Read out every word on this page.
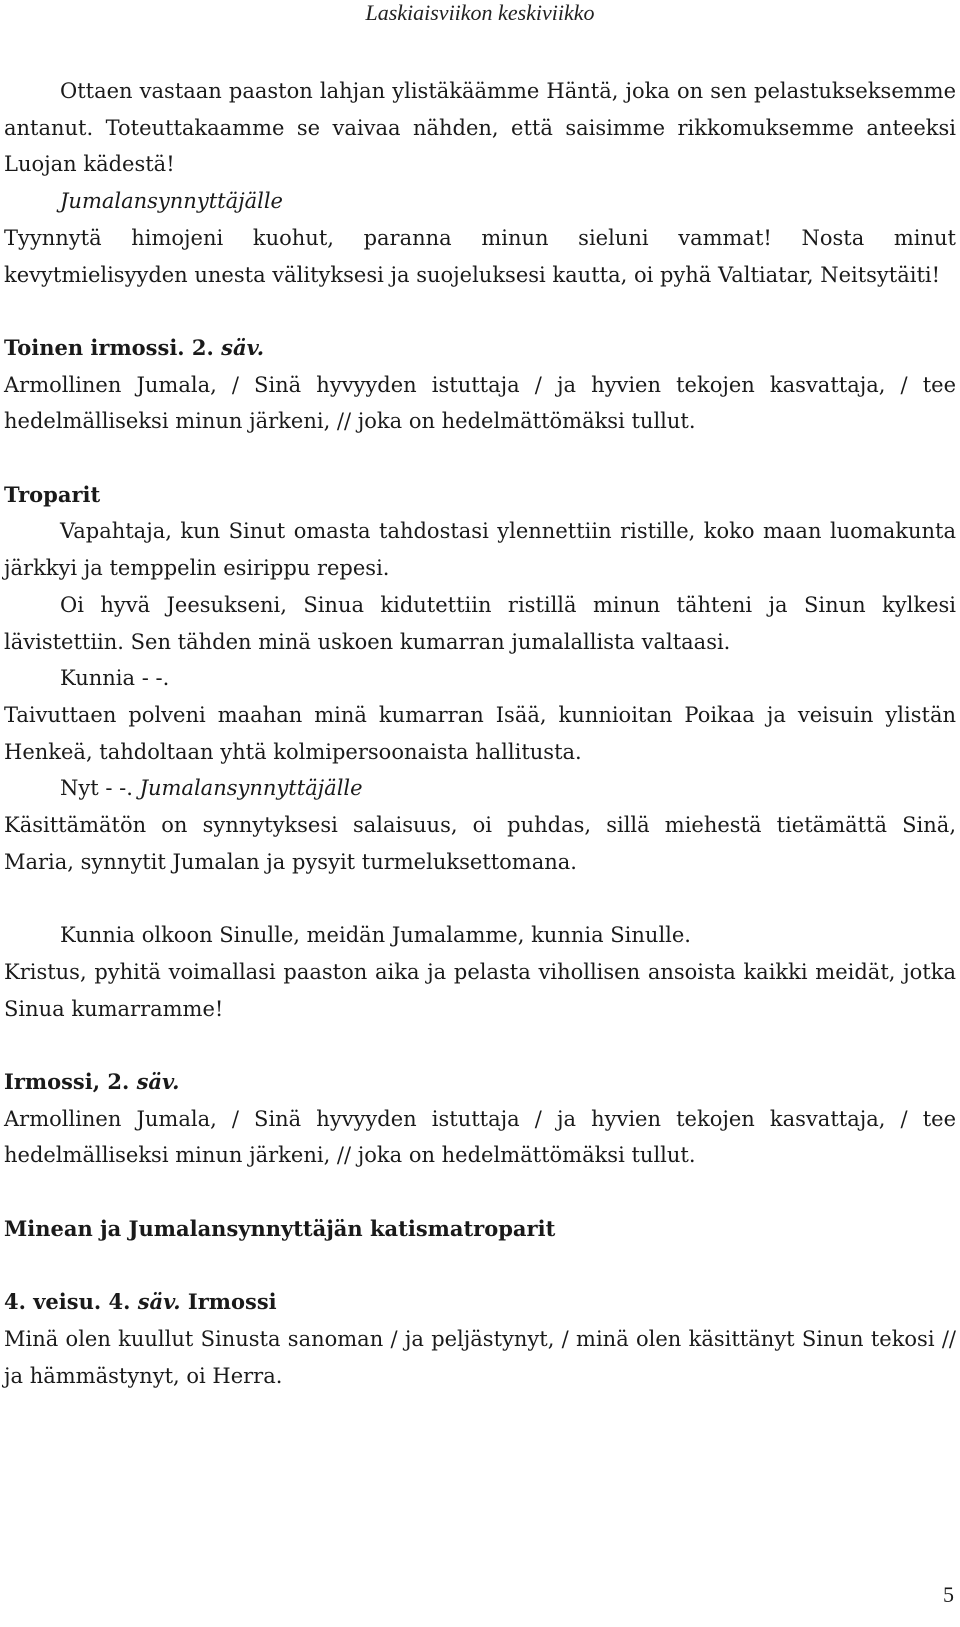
Laskiaisviikon keskiviikko

Ottaen vastaan paaston lahjan ylistäkäämme Häntä, joka on sen pelastukseksemme antanut. Toteuttakaamme se vaivaa nähden, että saisimme rikkomuksemme anteeksi Luojan kädestä!

Jumalansynnyttäjälle

Tyynnytä himojeni kuohut, paranna minun sieluni vammat! Nosta minut kevytmielisyyden unesta välityksesi ja suojeluksesi kautta, oi pyhä Valtiatar, Neitsytäiti!

Toinen irmossi. 2. säv.

Armollinen Jumala, / Sinä hyvyyden istuttaja / ja hyvien tekojen kasvattaja, / tee hedelmälliseksi minun järkeni, // joka on hedelmättömäksi tullut.

Troparit

Vapahtaja, kun Sinut omasta tahdostasi ylennettiin ristille, koko maan luomakunta järkkyi ja temppelin esirippu repesi.

Oi hyvä Jeesukseni, Sinua kidutettiin ristillä minun tähteni ja Sinun kylkesi lävistettiin. Sen tähden minä uskoen kumarran jumalallista valtaasi.

Kunnia - -.

Taivuttaen polveni maahan minä kumarran Isää, kunnioitan Poikaa ja veisuin ylistän Henkeä, tahdoltaan yhtä kolmipersoonaista hallitusta.

Nyt - -. Jumalansynnyttäjälle

Käsittämätön on synnytyksesi salaisuus, oi puhdas, sillä miehestä tietämättä Sinä, Maria, synnytit Jumalan ja pysyit turmeluksettomana.

Kunnia olkoon Sinulle, meidän Jumalamme, kunnia Sinulle.

Kristus, pyhitä voimallasi paaston aika ja pelasta vihollisen ansoista kaikki meidät, jotka Sinua kumarramme!

Irmossi, 2. säv.

Armollinen Jumala, / Sinä hyvyyden istuttaja / ja hyvien tekojen kasvattaja, / tee hedelmälliseksi minun järkeni, // joka on hedelmättömäksi tullut.

Minean ja Jumalansynnyttäjän katismatroparit

4. veisu. 4. säv. Irmossi

Minä olen kuullut Sinusta sanoman / ja peljästynyt, / minä olen käsittänyt Sinun tekosi // ja hämmästynyt, oi Herra.

5
